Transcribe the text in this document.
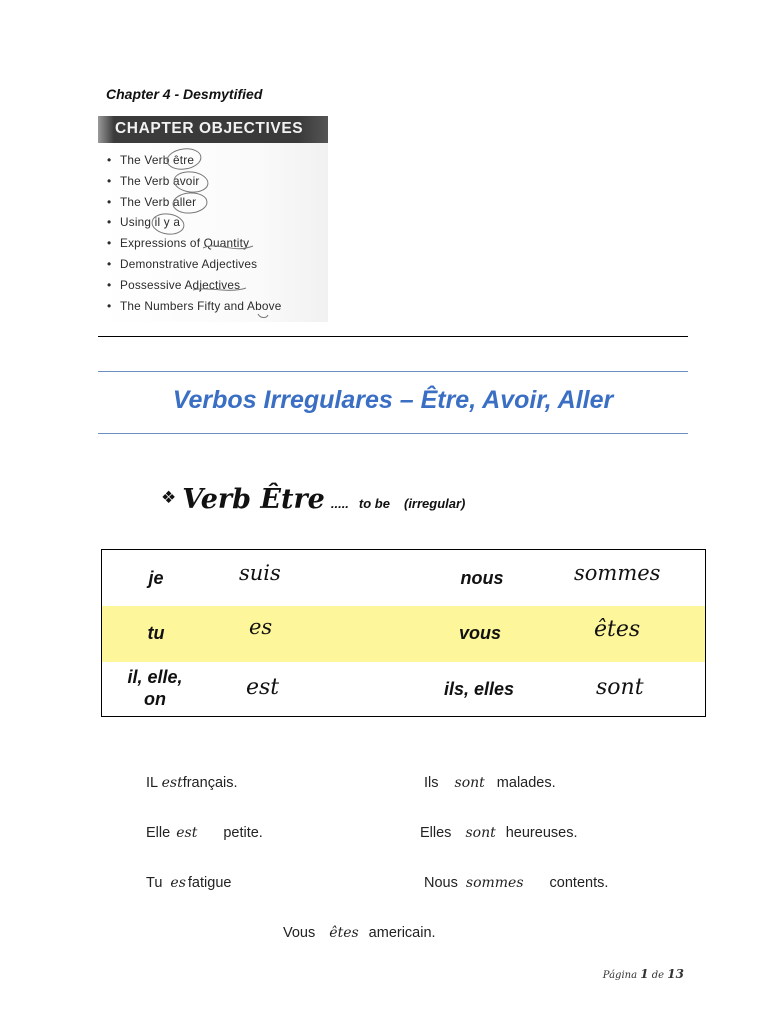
Chapter 4 - Desmytified
CHAPTER OBJECTIVES
• The Verb être
• The Verb avoir
• The Verb aller
• Using il y a
• Expressions of Quantity
• Demonstrative Adjectives
• Possessive Adjectives
• The Numbers Fifty and Above
Verbos Irregulares – Être, Avoir, Aller
❖ Verb Être ..... to be (irregular)
je	suis	nous	sommes
tu	es	vous	êtes
il, elle, on	est	ils, elles	sont
IL estfrançais.	Ils sont malades.
Elle est petite.	Elles sont heureuses.
Tu es fatigue	Nous sommes contents.
Vous êtes americain.
Página 1 de 13
